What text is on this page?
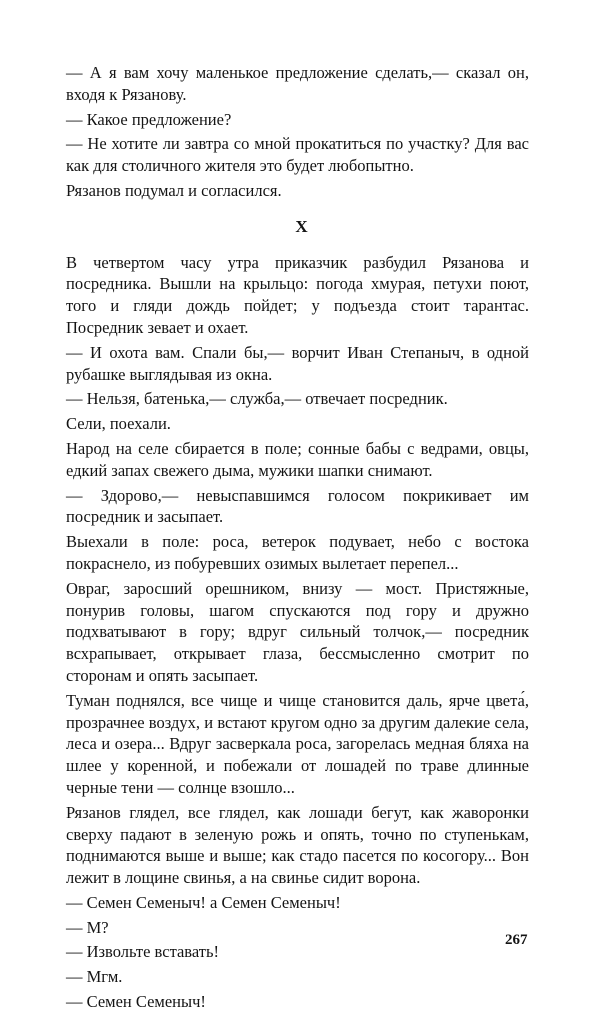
— А я вам хочу маленькое предложение сделать,— сказал он, входя к Рязанову.

— Какое предложение?

— Не хотите ли завтра со мной прокатиться по участку? Для вас как для столичного жителя это будет любопытно.

Рязанов подумал и согласился.

X

В четвертом часу утра приказчик разбудил Рязанова и посредника. Вышли на крыльцо: погода хмурая, петухи поют, тогo и гляди дождь пойдет; у подъезда стоит тарантас. Посредник зевает и охает.

— И охота вам. Спали бы,— ворчит Иван Степаныч, в одной рубашке выглядывая из окна.

— Нельзя, батенька,— служба,— отвечает посредник.

Сели, поехали.

Народ на селе сбирается в поле; сонные бабы с ведрами, овцы, едкий запах свежего дыма, мужики шапки снимают.

— Здорово,— невыспавшимся голосом покрикивает им посредник и засыпает.

Выехали в поле: роса, ветерок подувает, небо с востока покраснело, из побуревших озимых вылетает перепел...

Овраг, заросший орешником, внизу — мост. Пристяжные, понурив головы, шагом спускаются под гору и дружно подхватывают в гору; вдруг сильный толчок,— посредник всхрапывает, открывает глаза, бессмысленно смотрит по сторонам и опять засыпает.

Туман поднялся, все чище и чище становится даль, ярче цвета́, прозрачнее воздух, и встают кругом одно за другим далекие села, леса и озера... Вдруг засверкала роса, загорелась медная бляха на шлее у коренной, и побежали от лошадей по траве длинные черные тени — солнце взошло...

Рязанов глядел, все глядел, как лошади бегут, как жаворонки сверху падают в зеленую рожь и опять, точно по ступенькам, поднимаются выше и выше; как стадо пасется по косогору... Вон лежит в лощине свинья, а на свинье сидит ворона.

— Семен Семеныч! а Семен Семеныч!

— М?

— Извольте вставать!

— Мгм.

— Семен Семеныч!

267
